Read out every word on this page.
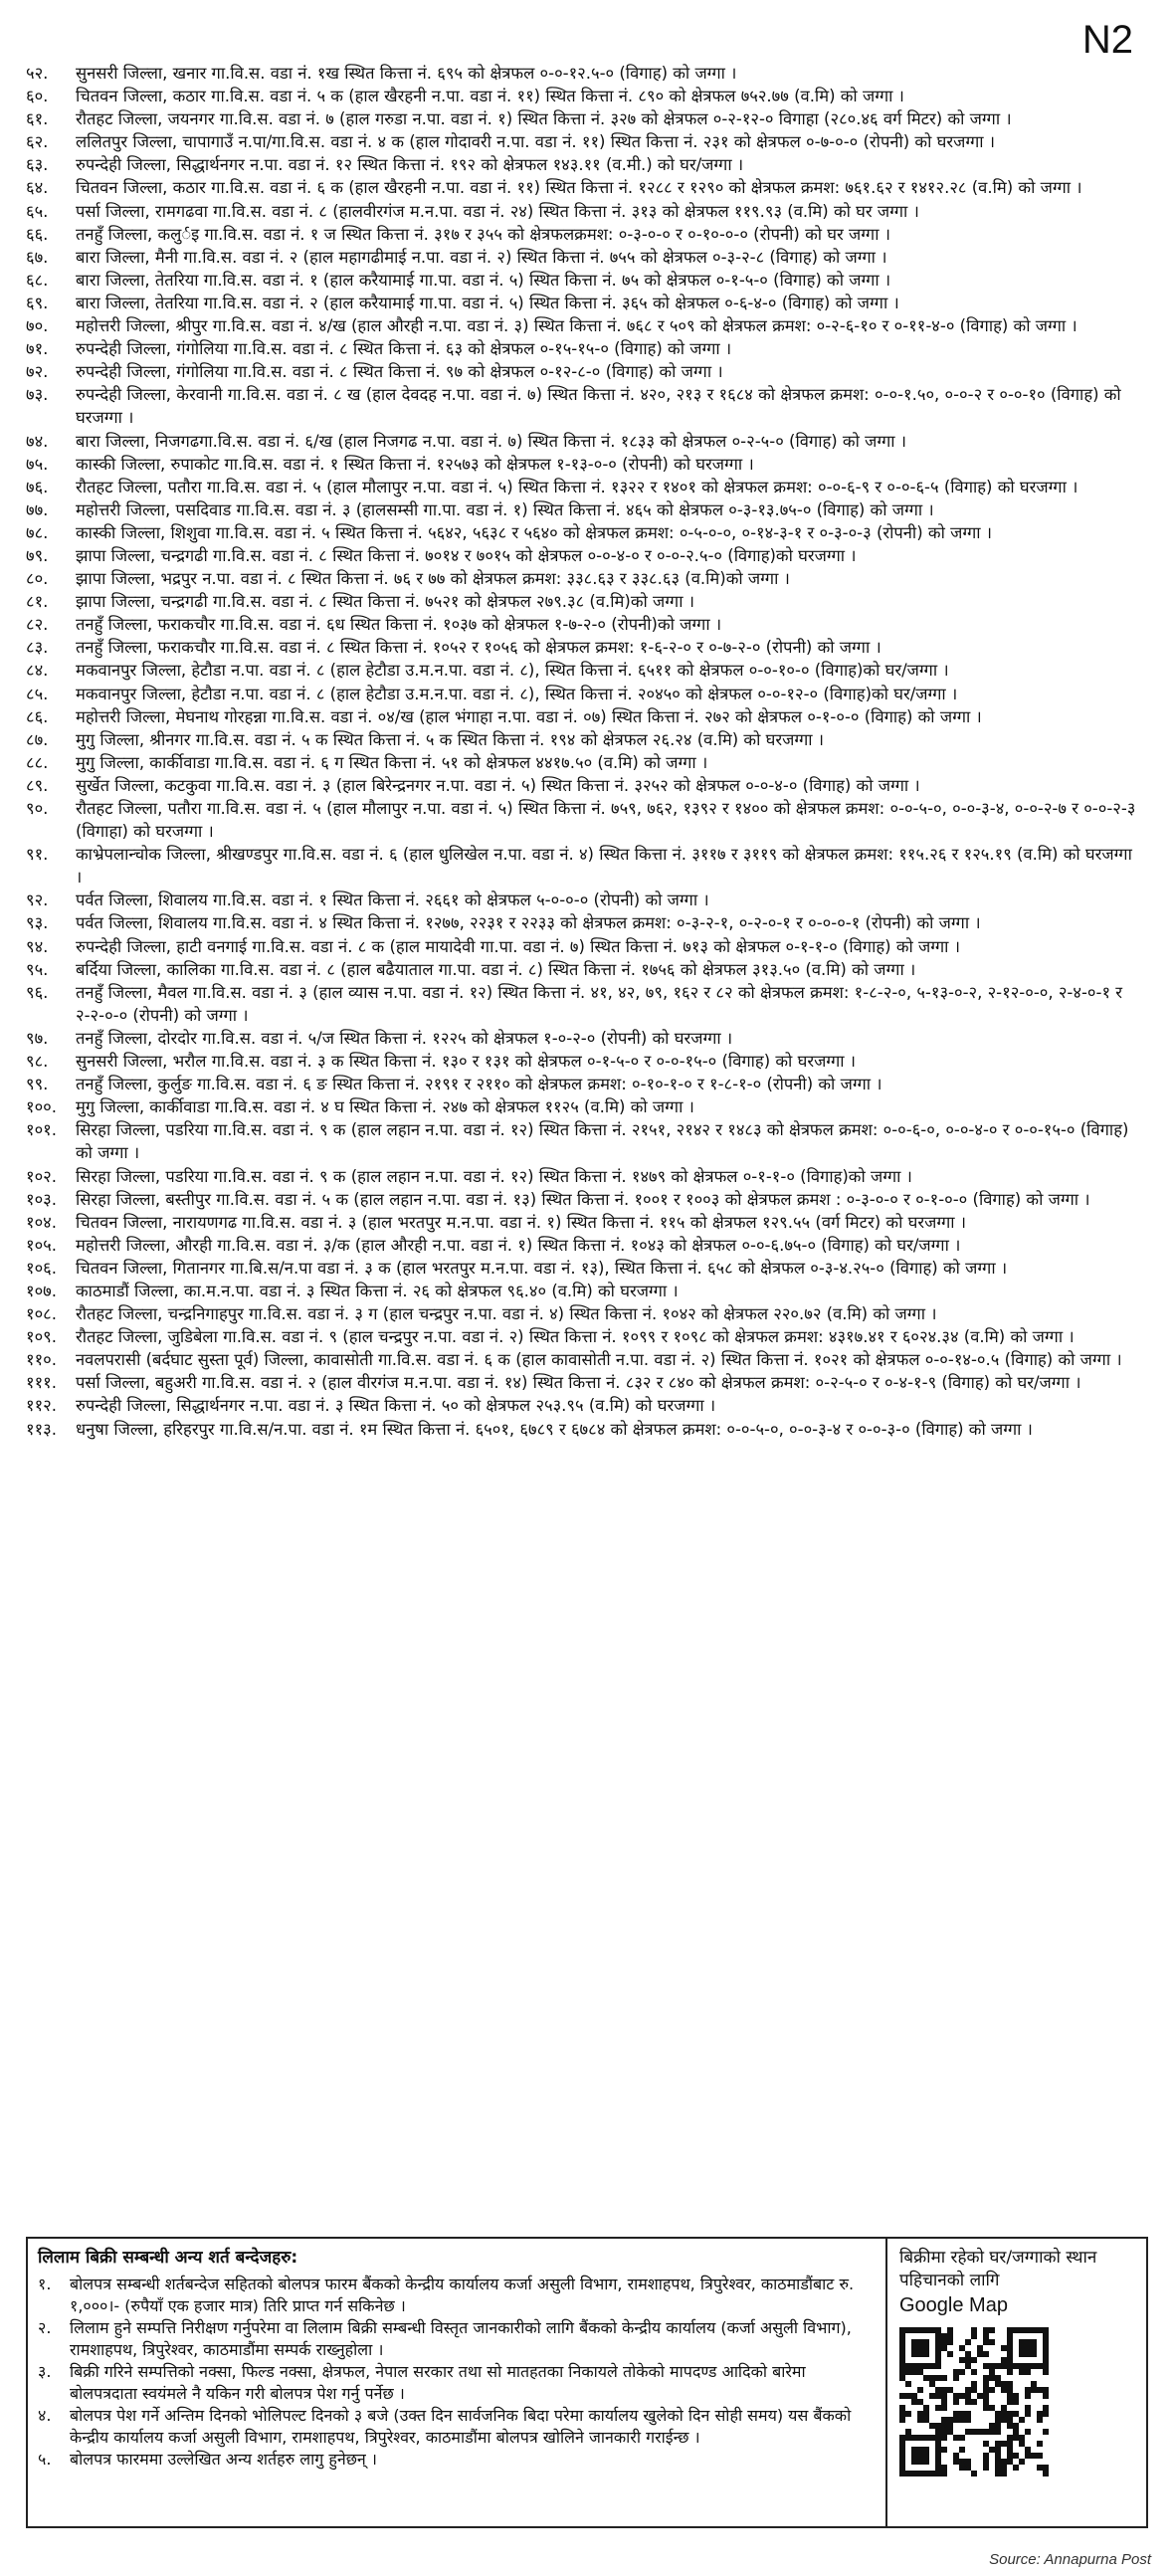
N2
५२.	सुनसरी जिल्ला, खनार गा.वि.स. वडा नं. १ख स्थित कित्ता नं. ६९५ को क्षेत्रफल ०-०-१२.५-० (विगाह) को जग्गा ।
६०.	चितवन जिल्ला, कठार गा.वि.स. वडा नं. ५ क (हाल खैरहनी न.पा. वडा नं. ११) स्थित कित्ता नं. ८९० को क्षेत्रफल ७५२.७७ (व.मि) को जग्गा ।
६१.	रौतहट जिल्ला, जयनगर गा.वि.स. वडा नं. ७ (हाल गरुडा न.पा. वडा नं. १) स्थित कित्ता नं. ३२७ को क्षेत्रफल ०-२-१२-० विगाहा (२८०.४६ वर्ग मिटर) को जग्गा ।
६२.	ललितपुर जिल्ला, चापागाउँ न.पा/गा.वि.स. वडा नं. ४ क (हाल गोदावरी न.पा. वडा नं. ११) स्थित कित्ता नं. २३१ को क्षेत्रफल ०-७-०-० (रोपनी) को घरजग्गा ।
६३.	रुपन्देही जिल्ला, सिद्धार्थनगर न.पा. वडा नं. १२ स्थित कित्ता नं. १९२ को क्षेत्रफल १४३.११ (व.मी.) को घर/जग्गा ।
६४.	चितवन जिल्ला, कठार गा.वि.स. वडा नं. ६ क (हाल खैरहनी न.पा. वडा नं. ११) स्थित कित्ता नं. १२८८ र १२९० को क्षेत्रफल क्रमश: ७६१.६२ र १४१२.२८ (व.मि) को जग्गा ।
६५.	पर्सा जिल्ला, रामगढवा गा.वि.स. वडा नं. ८ (हालवीरगंज म.न.पा. वडा नं. २४) स्थित कित्ता नं. ३१३ को क्षेत्रफल ११९.९३ (व.मि) को घर जग्गा ।
६६.	तनहुँ जिल्ला, कलुर्इ गा.वि.स. वडा नं. १ ज स्थित कित्ता नं. ३१७ र ३५५ को क्षेत्रफलक्रमश: ०-३-०-० र ०-१०-०-० (रोपनी) को घर जग्गा ।
६७.	बारा जिल्ला, मैनी गा.वि.स. वडा नं. २ (हाल महागढीमाई न.पा. वडा नं. २) स्थित कित्ता नं. ७५५ को क्षेत्रफल ०-३-२-८ (विगाह) को जग्गा ।
६८.	बारा जिल्ला, तेतरिया गा.वि.स. वडा नं. १ (हाल करैयामाई गा.पा. वडा नं. ५) स्थित कित्ता नं. ७५ को क्षेत्रफल ०-१-५-० (विगाह) को जग्गा ।
६९.	बारा जिल्ला, तेतरिया गा.वि.स. वडा नं. २ (हाल करैयामाई गा.पा. वडा नं. ५) स्थित कित्ता नं. ३६५ को क्षेत्रफल ०-६-४-० (विगाह) को जग्गा ।
७०.	महोत्तरी जिल्ला, श्रीपुर गा.वि.स. वडा नं. ४/ख (हाल औरही न.पा. वडा नं. ३) स्थित कित्ता नं. ७६८ र ५०९ को क्षेत्रफल क्रमश: ०-२-६-१० र ०-११-४-० (विगाह) को जग्गा ।
७१.	रुपन्देही जिल्ला, गंगोलिया गा.वि.स. वडा नं. ८ स्थित कित्ता नं. ६३ को क्षेत्रफल ०-१५-१५-० (विगाह) को जग्गा ।
७२.	रुपन्देही जिल्ला, गंगोलिया गा.वि.स. वडा नं. ८ स्थित कित्ता नं. ९७ को क्षेत्रफल ०-१२-८-० (विगाह) को जग्गा ।
७३.	रुपन्देही जिल्ला, केरवानी गा.वि.स. वडा नं. ८ ख (हाल देवदह न.पा. वडा नं. ७) स्थित कित्ता नं. ४२०, २१३ र १६८४ को क्षेत्रफल क्रमश: ०-०-१.५०, ०-०-२ र ०-०-१० (विगाह) को घरजग्गा ।
७४.	बारा जिल्ला, निजगढगा.वि.स. वडा नं. ६/ख (हाल निजगढ न.पा. वडा नं. ७) स्थित कित्ता नं. १८३३ को क्षेत्रफल ०-२-५-० (विगाह) को जग्गा ।
७५.	कास्की जिल्ला, रुपाकोट गा.वि.स. वडा नं. १ स्थित कित्ता नं. १२५७३ को क्षेत्रफल १-१३-०-० (रोपनी) को घरजग्गा ।
७६.	रौतहट जिल्ला, पतौरा गा.वि.स. वडा नं. ५ (हाल मौलापुर न.पा. वडा नं. ५) स्थित कित्ता नं. १३२२ र १४०१ को क्षेत्रफल क्रमश: ०-०-६-९ र ०-०-६-५ (विगाह) को घरजग्गा ।
७७.	महोत्तरी जिल्ला, पसदिवाड गा.वि.स. वडा नं. ३ (हालसम्सी गा.पा. वडा नं. १) स्थित कित्ता नं. ४६५ को क्षेत्रफल ०-३-१३.७५-० (विगाह) को जग्गा ।
७८.	कास्की जिल्ला, शिशुवा गा.वि.स. वडा नं. ५ स्थित कित्ता नं. ५६४२, ५६३८ र ५६४० को क्षेत्रफल क्रमश: ०-५-०-०, ०-१४-३-१ र ०-३-०-३ (रोपनी) को जग्गा ।
७९.	झापा जिल्ला, चन्द्रगढी गा.वि.स. वडा नं. ८ स्थित कित्ता नं. ७०१४ र ७०१५ को क्षेत्रफल ०-०-४-० र ०-०-२.५-० (विगाह)को घरजग्गा ।
८०.	झापा जिल्ला, भद्रपुर न.पा. वडा नं. ८ स्थित कित्ता नं. ७६ र ७७ को क्षेत्रफल क्रमश: ३३८.६३ र ३३८.६३ (व.मि)को जग्गा ।
८१.	झापा जिल्ला, चन्द्रगढी गा.वि.स. वडा नं. ८ स्थित कित्ता नं. ७५२१ को क्षेत्रफल २७९.३८ (व.मि)को जग्गा ।
८२.	तनहुँ जिल्ला, फराकचौर गा.वि.स. वडा नं. ६ध स्थित कित्ता नं. १०३७ को क्षेत्रफल १-७-२-० (रोपनी)को जग्गा ।
८३.	तनहुँ जिल्ला, फराकचौर गा.वि.स. वडा नं. ८ स्थित कित्ता नं. १०५२ र १०५६ को क्षेत्रफल क्रमश: १-६-२-० र ०-७-२-० (रोपनी) को जग्गा ।
८४.	मकवानपुर जिल्ला, हेटौडा न.पा. वडा नं. ८ (हाल हेटौडा उ.म.न.पा. वडा नं. ८), स्थित कित्ता नं. ६५११ को क्षेत्रफल ०-०-१०-० (विगाह)को घर/जग्गा ।
८५.	मकवानपुर जिल्ला, हेटौडा न.पा. वडा नं. ८ (हाल हेटौडा उ.म.न.पा. वडा नं. ८), स्थित कित्ता नं. २०४५० को क्षेत्रफल ०-०-१२-० (विगाह)को घर/जग्गा ।
८६.	महोत्तरी जिल्ला, मेघनाथ गोरहन्ना गा.वि.स. वडा नं. ०४/ख (हाल भंगाहा न.पा. वडा नं. ०७) स्थित कित्ता नं. २७२ को क्षेत्रफल ०-१-०-० (विगाह) को जग्गा ।
८७.	मुगु जिल्ला, श्रीनगर गा.वि.स. वडा नं. ५ क स्थित कित्ता नं. ५ क स्थित कित्ता नं. १९४ को क्षेत्रफल २६.२४ (व.मि) को घरजग्गा ।
८८.	मुगु जिल्ला, कार्कीवाडा गा.वि.स. वडा नं. ६ ग स्थित कित्ता नं. ५१ को क्षेत्रफल ४४१७.५० (व.मि) को जग्गा ।
८९.	सुर्खेत जिल्ला, कटकुवा गा.वि.स. वडा नं. ३ (हाल बिरेन्द्रनगर न.पा. वडा नं. ५) स्थित कित्ता नं. ३२५२ को क्षेत्रफल ०-०-४-० (विगाह) को जग्गा ।
९०.	रौतहट जिल्ला, पतौरा गा.वि.स. वडा नं. ५ (हाल मौलापुर न.पा. वडा नं. ५) स्थित कित्ता नं. ७५९, ७६२, १३९२ र १४०० को क्षेत्रफल क्रमश: ०-०-५-०, ०-०-३-४, ०-०-२-७ र ०-०-२-३ (विगाहा) को घरजग्गा ।
९१.	काभ्रेपलान्चोक जिल्ला, श्रीखण्डपुर गा.वि.स. वडा नं. ६ (हाल धुलिखेल न.पा. वडा नं. ४) स्थित कित्ता नं. ३११७ र ३११९ को क्षेत्रफल क्रमश: ११५.२६ र १२५.१९ (व.मि) को घरजग्गा ।
९२.	पर्वत जिल्ला, शिवालय गा.वि.स. वडा नं. १ स्थित कित्ता नं. २६६१ को क्षेत्रफल ५-०-०-० (रोपनी) को जग्गा ।
९३.	पर्वत जिल्ला, शिवालय गा.वि.स. वडा नं. ४ स्थित कित्ता नं. १२७७, २२३१ र २२३३ को क्षेत्रफल क्रमश: ०-३-२-१, ०-२-०-१ र ०-०-०-१ (रोपनी) को जग्गा ।
९४.	रुपन्देही जिल्ला, हाटी वनगाई गा.वि.स. वडा नं. ८ क (हाल मायादेवी गा.पा. वडा नं. ७) स्थित कित्ता नं. ७१३ को क्षेत्रफल ०-१-१-० (विगाह) को जग्गा ।
९५.	बर्दिया जिल्ला, कालिका गा.वि.स. वडा नं. ८ (हाल बढैयाताल गा.पा. वडा नं. ८) स्थित कित्ता नं. १७५६ को क्षेत्रफल ३१३.५० (व.मि) को जग्गा ।
९६.	तनहुँ जिल्ला, मैवल गा.वि.स. वडा नं. ३ (हाल व्यास न.पा. वडा नं. १२) स्थित कित्ता नं. ४१, ४२, ७९, १६२ र ८२ को क्षेत्रफल क्रमश: १-८-२-०, ५-१३-०-२, २-१२-०-०, २-४-०-१ र २-२-०-० (रोपनी) को जग्गा ।
९७.	तनहुँ जिल्ला, दोरदोर गा.वि.स. वडा नं. ५/ज स्थित कित्ता नं. १२२५ को क्षेत्रफल १-०-२-० (रोपनी) को घरजग्गा ।
९८.	सुनसरी जिल्ला, भरौल गा.वि.स. वडा नं. ३ क स्थित कित्ता नं. १३० र १३१ को क्षेत्रफल ०-१-५-० र ०-०-१५-० (विगाह) को घरजग्गा ।
९९.	तनहुँ जिल्ला, कुर्लुङ गा.वि.स. वडा नं. ६ ङ स्थित कित्ता नं. २१९१ र २११० को क्षेत्रफल क्रमश: ०-१०-१-० र १-८-१-० (रोपनी) को जग्गा ।
१००.	मुगु जिल्ला, कार्कीवाडा गा.वि.स. वडा नं. ४ घ स्थित कित्ता नं. २४७ को क्षेत्रफल ११२५ (व.मि) को जग्गा ।
१०१.	सिरहा जिल्ला, पडरिया गा.वि.स. वडा नं. ९ क (हाल लहान न.पा. वडा नं. १२) स्थित कित्ता नं. २१५१, २१४२ र १४८३ को क्षेत्रफल क्रमश: ०-०-६-०, ०-०-४-० र ०-०-१५-० (विगाह) को जग्गा ।
१०२.	सिरहा जिल्ला, पडरिया गा.वि.स. वडा नं. ९ क (हाल लहान न.पा. वडा नं. १२) स्थित कित्ता नं. १४७९ को क्षेत्रफल ०-१-१-० (विगाह)को जग्गा ।
१०३.	सिरहा जिल्ला, बस्तीपुर गा.वि.स. वडा नं. ५ क (हाल लहान न.पा. वडा नं. १३) स्थित कित्ता नं. १००१ र १००३ को क्षेत्रफल क्रमश : ०-३-०-० र ०-१-०-० (विगाह) को जग्गा ।
१०४.	चितवन जिल्ला, नारायणगढ गा.वि.स. वडा नं. ३ (हाल भरतपुर म.न.पा. वडा नं. १) स्थित कित्ता नं. ११५ को क्षेत्रफल १२९.५५ (वर्ग मिटर) को घरजग्गा ।
१०५.	महोत्तरी जिल्ला, औरही गा.वि.स. वडा नं. ३/क (हाल औरही न.पा. वडा नं. १) स्थित कित्ता नं. १०४३ को क्षेत्रफल ०-०-६.७५-० (विगाह) को घर/जग्गा ।
१०६.	चितवन जिल्ला, गितानगर गा.बि.स/न.पा वडा नं. ३ क (हाल भरतपुर म.न.पा. वडा नं. १३), स्थित कित्ता नं. ६५८ को क्षेत्रफल ०-३-४.२५-० (विगाह) को जग्गा ।
१०७.	काठमाडौं जिल्ला, का.म.न.पा. वडा नं. ३ स्थित कित्ता नं. २६ को क्षेत्रफल ९६.४० (व.मि) को घरजग्गा ।
१०८.	रौतहट जिल्ला, चन्द्रनिगाहपुर गा.वि.स. वडा नं. ३ ग (हाल चन्द्रपुर न.पा. वडा नं. ४) स्थित कित्ता नं. १०४२ को क्षेत्रफल २२०.७२ (व.मि) को जग्गा ।
१०९.	रौतहट जिल्ला, जुडिबेला गा.वि.स. वडा नं. ९ (हाल चन्द्रपुर न.पा. वडा नं. २) स्थित कित्ता नं. १०९९ र १०९८ को क्षेत्रफल क्रमश: ४३१७.४१ र ६०२४.३४ (व.मि) को जग्गा ।
११०.	नवलपरासी (बर्दघाट सुस्ता पूर्व) जिल्ला, कावासोती गा.वि.स. वडा नं. ६ क (हाल कावासोती न.पा. वडा नं. २) स्थित कित्ता नं. १०२१ को क्षेत्रफल ०-०-१४-०.५ (विगाह) को जग्गा ।
१११.	पर्सा जिल्ला, बहुअरी गा.वि.स. वडा नं. २ (हाल वीरगंज म.न.पा. वडा नं. १४) स्थित कित्ता नं. ८३२ र ८४० को क्षेत्रफल क्रमश: ०-२-५-० र ०-४-१-९ (विगाह) को घर/जग्गा ।
११२.	रुपन्देही जिल्ला, सिद्धार्थनगर न.पा. वडा नं. ३ स्थित कित्ता नं. ५० को क्षेत्रफल २५३.९५ (व.मि) को घरजग्गा ।
११३.	धनुषा जिल्ला, हरिहरपुर गा.वि.स/न.पा. वडा नं. १म स्थित कित्ता नं. ६५०१, ६७८९ र ६७८४ को क्षेत्रफल क्रमश: ०-०-५-०, ०-०-३-४ र ०-०-३-० (विगाह) को जग्गा ।
लिलाम बिक्री सम्बन्धी अन्य शर्त बन्देजहरु:
१.	बोलपत्र सम्बन्धी शर्तबन्देज सहितको बोलपत्र फारम बैंकको केन्द्रीय कार्यालय कर्जा असुली विभाग, रामशाहपथ, त्रिपुरेश्वर, काठमाडौंबाट रु. १,०००।- (रुपैयाँ एक हजार मात्र) तिरि प्राप्त गर्न सकिनेछ ।
२.	लिलाम हुने सम्पत्ति निरीक्षण गर्नुपरेमा वा लिलाम बिक्री सम्बन्धी विस्तृत जानकारीको लागि बैंकको केन्द्रीय कार्यालय (कर्जा असुली विभाग), रामशाहपथ, त्रिपुरेश्वर, काठमाडौंमा सम्पर्क राख्नुहोला ।
३.	बिक्री गरिने सम्पत्तिको नक्सा, फिल्ड नक्सा, क्षेत्रफल, नेपाल सरकार तथा सो मातहतका निकायले तोकेको मापदण्ड आदिको बारेमा बोलपत्रदाता स्वयंमले नै यकिन गरी बोलपत्र पेश गर्नु पर्नेछ ।
४.	बोलपत्र पेश गर्ने अन्तिम दिनको भोलिपल्ट दिनको ३ बजे (उक्त दिन सार्वजनिक बिदा परेमा कार्यालय खुलेको दिन सोही समय) यस बैंकको केन्द्रीय कार्यालय कर्जा असुली विभाग, रामशाहपथ, त्रिपुरेश्वर, काठमाडौंमा बोलपत्र खोलिने जानकारी गराईन्छ ।
५.	बोलपत्र फारममा उल्लेखित अन्य शर्तहरु लागु हुनेछन् ।
बिक्रीमा रहेको घर/जग्गाको स्थान पहिचानको लागि
Google Map
Source: Annapurna Post
